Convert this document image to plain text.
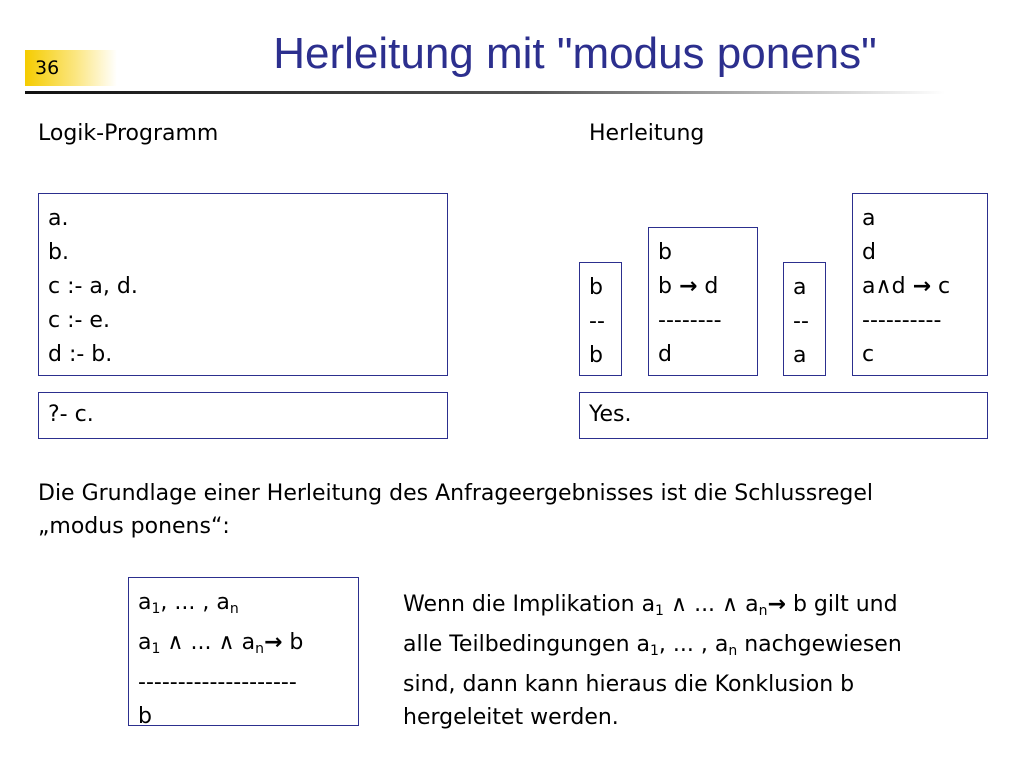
36	Herleitung mit "modus ponens"
Logik-Programm	Herleitung
a.
b.
c :- a, d.
c :- e.
d :- b.
?- c.
b
--
b
b
b → d
--------
d
a
--
a
a
d
a∧d → c
----------
c
Yes.
Die Grundlage einer Herleitung des Anfrageergebnisses ist die Schlussregel
„modus ponens“:
$a_1$, ... , $a_n$
$a_1$ ∧ ... ∧ $a_n\to b$
--------------------
b
Wenn die Implikation $a_1$ ∧ ... ∧ $a_n\to b$ gilt und
alle Teilbedingungen $a_1$, ... , $a_n$ nachgewiesen
sind, dann kann hieraus die Konklusion b
hergeleitet werden.
